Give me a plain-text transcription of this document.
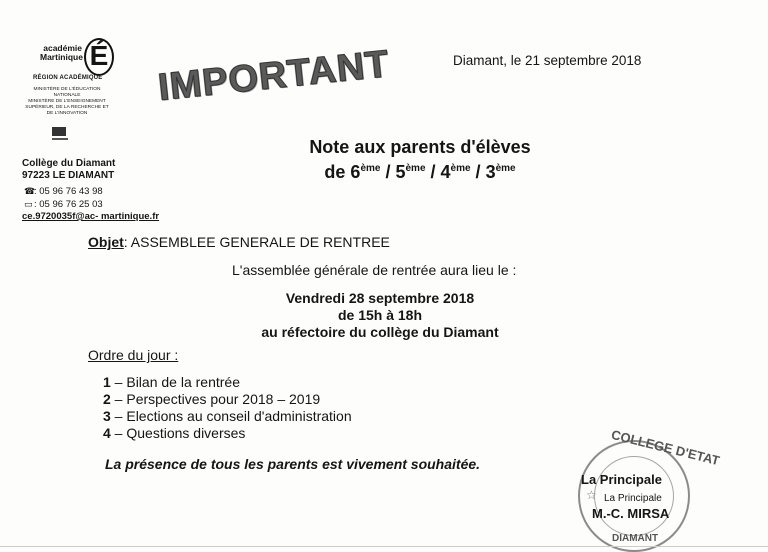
académie
Martinique É
RÉGION ACADÉMIQUE
MINISTÈRE DE L'ÉDUCATION NATIONALE
MINISTÈRE DE L'ENSEIGNEMENT SUPÉRIEUR, DE LA RECHERCHE ET DE L'INNOVATION
Collège du Diamant
97223 LE DIAMANT
☎: 05 96 76 43 98
▭: 05 96 76 25 03
ce.9720035f@ac- martinique.fr
IMPORTANT	Diamant, le 21 septembre 2018
Note aux parents d'élèves
de 6ème / 5ème / 4ème / 3ème
Objet: ASSEMBLEE GENERALE DE RENTREE
L'assemblée générale de rentrée aura lieu le :
Vendredi 28 septembre 2018
de 15h à 18h
au réfectoire du collège du Diamant
Ordre du jour :
1 – Bilan de la rentrée
2 – Perspectives pour 2018 – 2019
3 – Elections au conseil d'administration
4 – Questions diverses
La présence de tous les parents est vivement souhaitée.	COLLEGE D'ETAT
DIAMANT
☆
La Principale
La Principale
M.-C. MIRSA
